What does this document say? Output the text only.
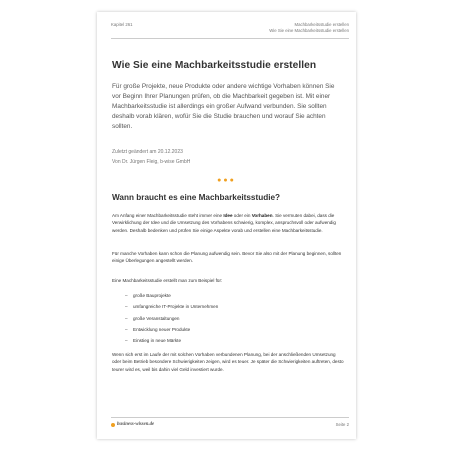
Kapitel 261	Machbarkeitsstudie erstellen
Wie Sie eine Machbarkeitsstudie erstellen
Wie Sie eine Machbarkeitsstudie erstellen

Für große Projekte, neue Produkte oder andere wichtige Vorhaben können Sie vor Beginn Ihrer Planungen prüfen, ob die Machbarkeit gegeben ist. Mit einer Machbarkeitsstudie ist allerdings ein großer Aufwand verbunden. Sie sollten deshalb vorab klären, wofür Sie die Studie brauchen und worauf Sie achten sollten.

Zuletzt geändert am 20.12.2023
Von Dr. Jürgen Fleig, b-wise GmbH
●●●
Wann braucht es eine Machbarkeitsstudie?

Am Anfang einer Machbarkeitsstudie steht immer eine Idee oder ein Vorhaben. Sie vermuten dabei, dass die Verwirklichung der Idee und die Umsetzung des Vorhabens schwierig, komplex, anspruchsvoll oder aufwendig werden. Deshalb bedenken und prüfen Sie einige Aspekte vorab und erstellen eine Machbarkeitsstudie.

Für manche Vorhaben kann schon die Planung aufwendig sein. Bevor Sie also mit der Planung beginnen, sollten einige Überlegungen angestellt werden.

Eine Machbarkeitsstudie erstellt man zum Beispiel für:

– große Bauprojekte
– umfangreiche IT-Projekte in Unternehmen
– große Veranstaltungen
– Entwicklung neuer Produkte
– Einstieg in neue Märkte

Wenn sich erst im Laufe der mit solchen Vorhaben verbundenen Planung, bei der anschließenden Umsetzung oder beim Betrieb besondere Schwierigkeiten zeigen, wird es teuer. Je später die Schwierigkeiten auftreten, desto teurer wird es, weil bis dahin viel Geld investiert wurde.

business-wissen.de	Seite 2
